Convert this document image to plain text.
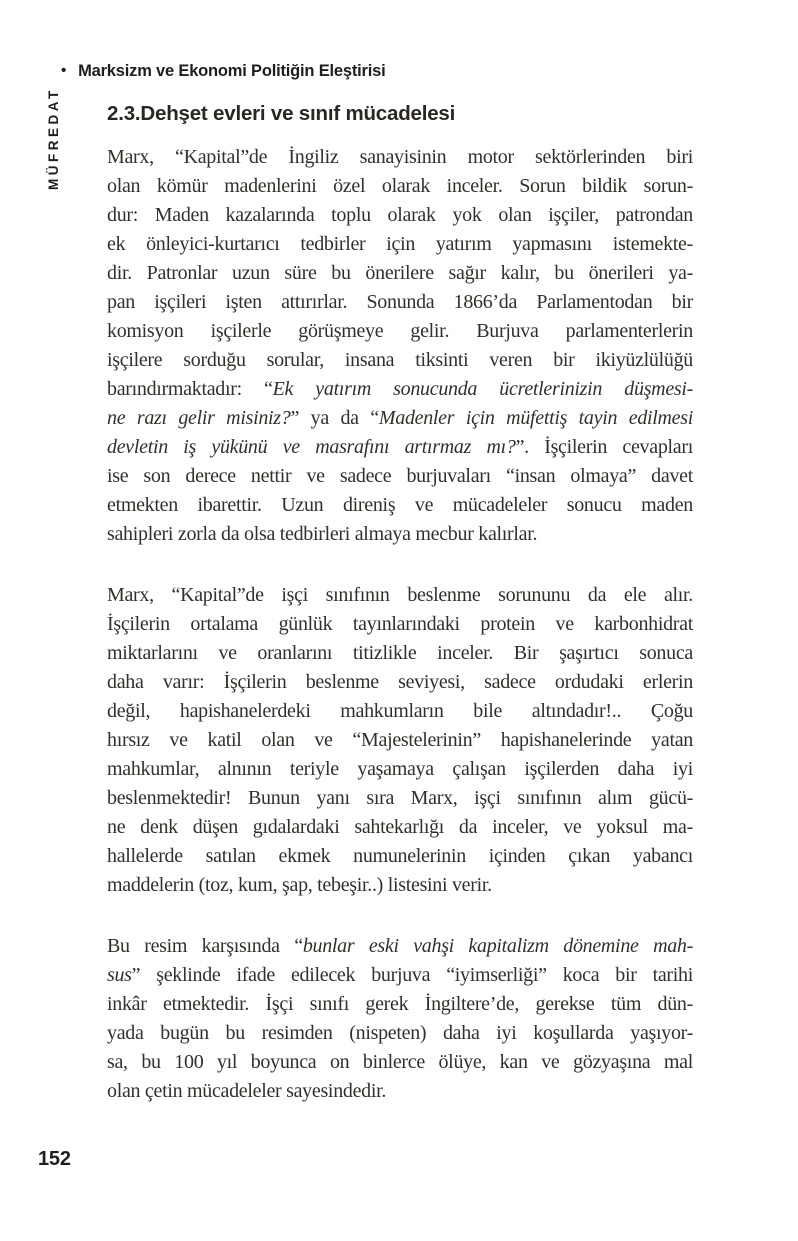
• Marksizm ve Ekonomi Politiğin Eleştirisi
MÜFREDAT 2.3.Dehşet evleri ve sınıf mücadelesi
Marx, “Kapital”de İngiliz sanayisinin motor sektörlerinden biri
olan kömür madenlerini özel olarak inceler. Sorun bildik sorun-
dur: Maden kazalarında toplu olarak yok olan işçiler, patrondan
ek önleyici-kurtarıcı tedbirler için yatırım yapmasını istemekte-
dir. Patronlar uzun süre bu önerilere sağır kalır, bu önerileri ya-
pan işçileri işten attırırlar. Sonunda 1866’da Parlamentodan bir
komisyon işçilerle görüşmeye gelir. Burjuva parlamenterlerin
işçilere sorduğu sorular, insana tiksinti veren bir ikiyüzlülüğü
barındırmaktadır: “Ek yatırım sonucunda ücretlerinizin düşmesi-
ne razı gelir misiniz?” ya da “Madenler için müfettiş tayin edilmesi
devletin iş yükünü ve masrafını artırmaz mı?”. İşçilerin cevapları
ise son derece nettir ve sadece burjuvaları “insan olmaya” davet
etmekten ibarettir. Uzun direniş ve mücadeleler sonucu maden
sahipleri zorla da olsa tedbirleri almaya mecbur kalırlar.
Marx, “Kapital”de işçi sınıfının beslenme sorununu da ele alır.
İşçilerin ortalama günlük tayınlarındaki protein ve karbonhidrat
miktarlarını ve oranlarını titizlikle inceler. Bir şaşırtıcı sonuca
daha varır: İşçilerin beslenme seviyesi, sadece ordudaki erlerin
değil, hapishanelerdeki mahkumların bile altındadır!.. Çoğu
hırsız ve katil olan ve “Majestelerinin” hapishanelerinde yatan
mahkumlar, alnının teriyle yaşamaya çalışan işçilerden daha iyi
beslenmektedir! Bunun yanı sıra Marx, işçi sınıfının alım gücü-
ne denk düşen gıdalardaki sahtekarlığı da inceler, ve yoksul ma-
hallelerde satılan ekmek numunelerinin içinden çıkan yabancı
maddelerin (toz, kum, şap, tebeşir..) listesini verir.
Bu resim karşısında “bunlar eski vahşi kapitalizm dönemine mah-
sus” şeklinde ifade edilecek burjuva “iyimserliği” koca bir tarihi
inkâr etmektedir. İşçi sınıfı gerek İngiltere’de, gerekse tüm dün-
yada bugün bu resimden (nispeten) daha iyi koşullarda yaşıyor-
sa, bu 100 yıl boyunca on binlerce ölüye, kan ve gözyaşına mal
olan çetin mücadeleler sayesindedir.
152
